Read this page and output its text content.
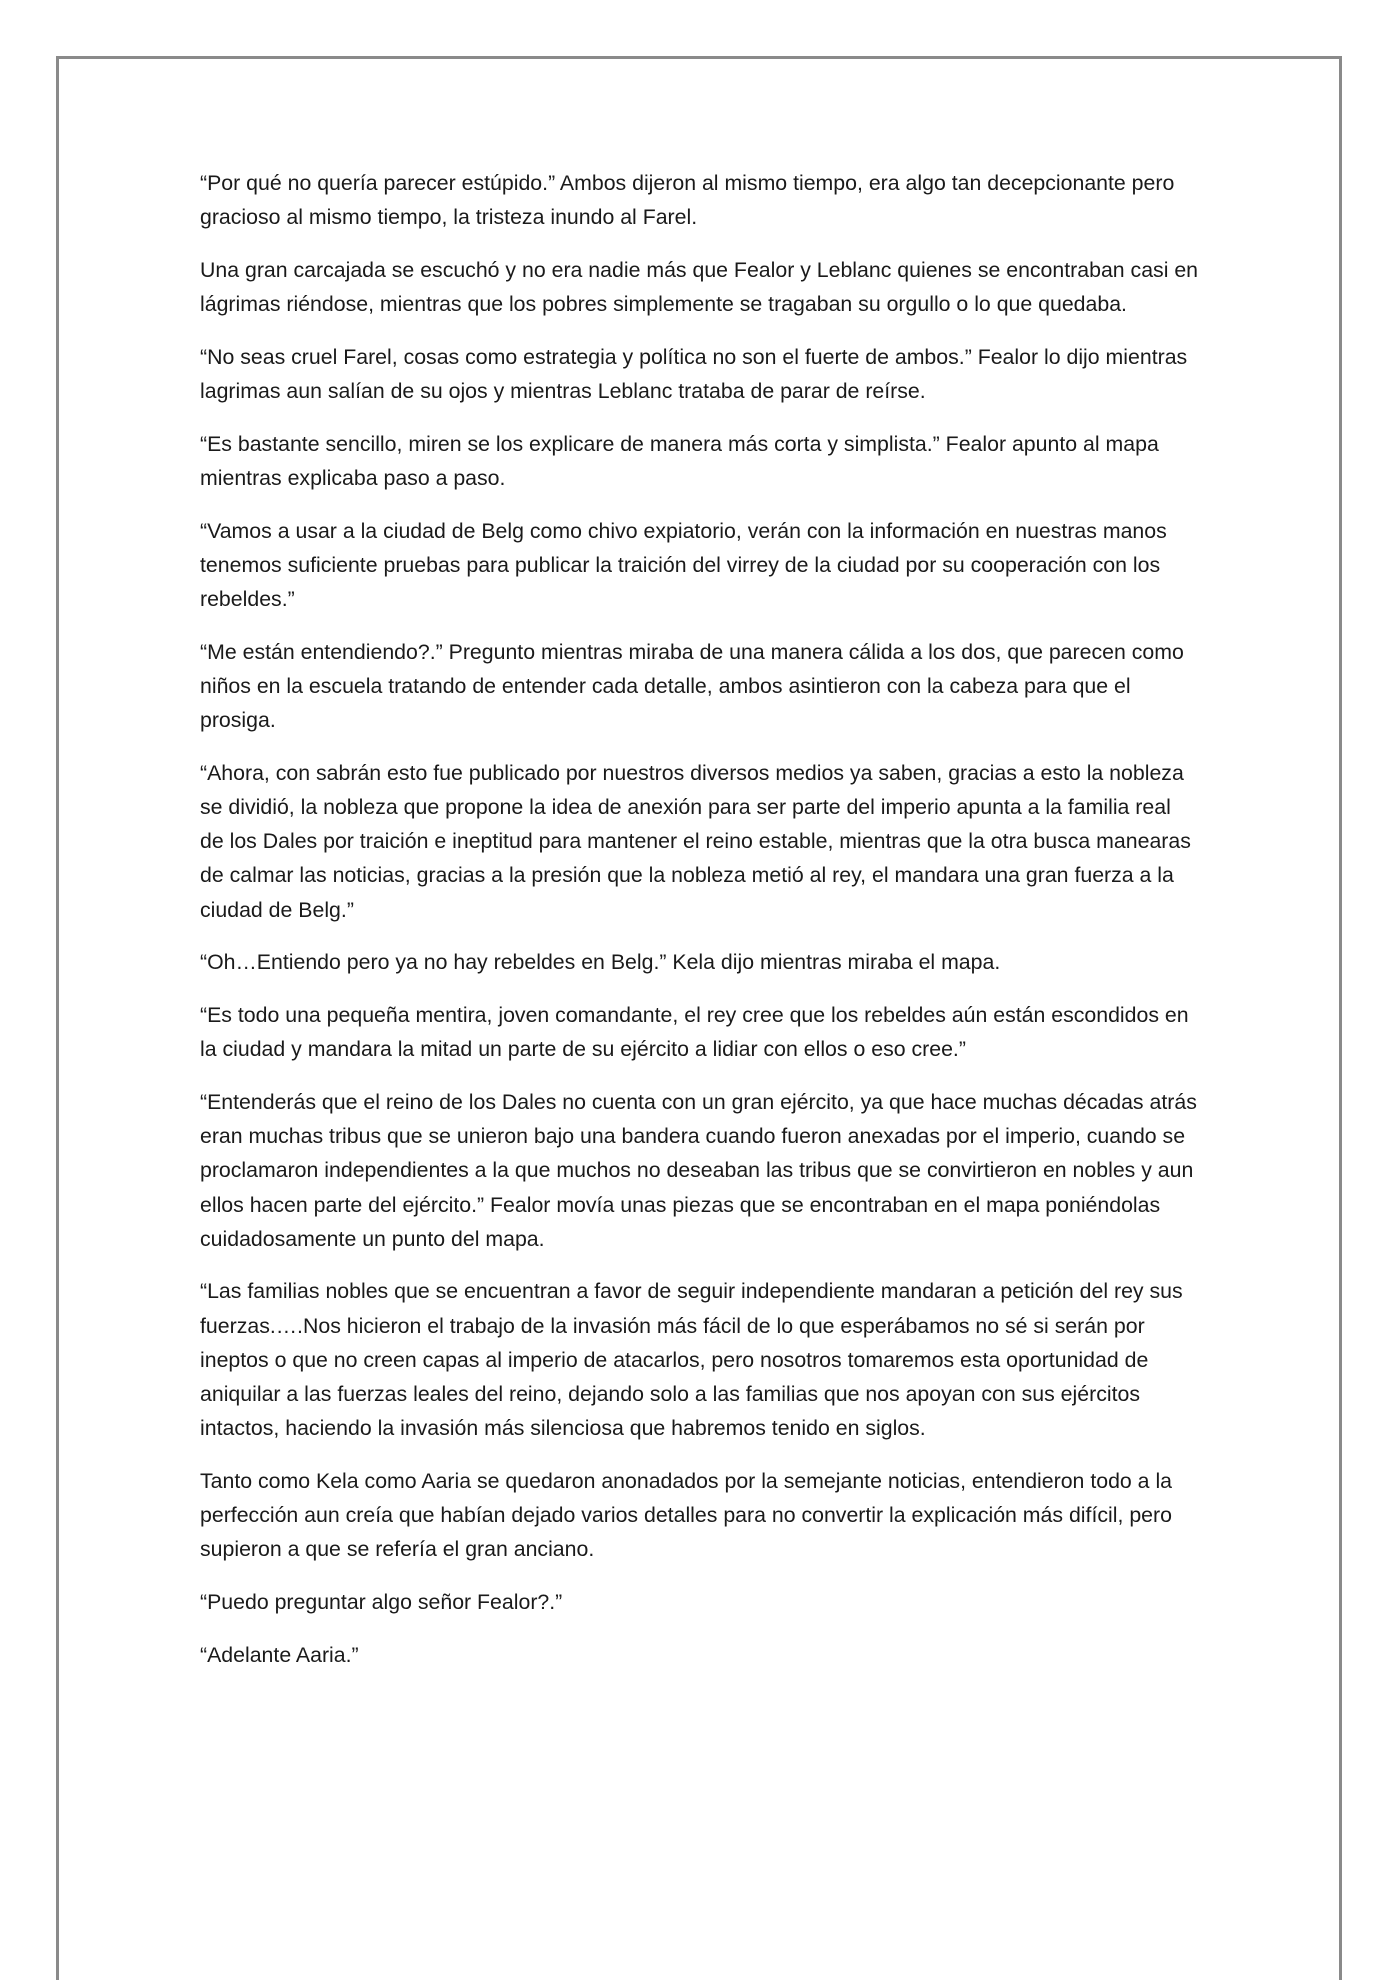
“Por qué no quería parecer estúpido.” Ambos dijeron al mismo tiempo, era algo tan decepcionante pero gracioso al mismo tiempo, la tristeza inundo al Farel.

Una gran carcajada se escuchó y no era nadie más que Fealor y Leblanc quienes se encontraban casi en lágrimas riéndose, mientras que los pobres simplemente se tragaban su orgullo o lo que quedaba.

“No seas cruel Farel, cosas como estrategia y política no son el fuerte de ambos.” Fealor lo dijo mientras lagrimas aun salían de su ojos y mientras Leblanc trataba de parar de reírse.

“Es bastante sencillo, miren se los explicare de manera más corta y simplista.” Fealor apunto al mapa mientras explicaba paso a paso.

“Vamos a usar a la ciudad de Belg como chivo expiatorio, verán con la información en nuestras manos tenemos suficiente pruebas para publicar la traición del virrey de la ciudad por su cooperación con los rebeldes.”

“Me están entendiendo?.” Pregunto mientras miraba de una manera cálida a los dos, que parecen como niños en la escuela tratando de entender cada detalle, ambos asintieron con la cabeza para que el prosiga.

“Ahora, con sabrán esto fue publicado por nuestros diversos medios ya saben, gracias a esto la nobleza se dividió, la nobleza que propone la idea de anexión para ser parte del imperio apunta a la familia real de los Dales por traición e ineptitud para mantener el reino estable, mientras que la otra busca manearas de calmar las noticias, gracias a la presión que la nobleza metió al rey, el mandara una gran fuerza a la ciudad de Belg.”

“Oh…Entiendo pero ya no hay rebeldes en Belg.” Kela dijo mientras miraba el mapa.

“Es todo una pequeña mentira, joven comandante, el rey cree que los rebeldes aún están escondidos en la ciudad y mandara la mitad un parte de su ejército a lidiar con ellos o eso cree.”

“Entenderás que el reino de los Dales no cuenta con un gran ejército, ya que hace muchas décadas atrás eran muchas tribus que se unieron bajo una bandera cuando fueron anexadas por el imperio, cuando se proclamaron independientes a la que muchos no deseaban las tribus que se convirtieron en nobles y aun ellos hacen parte del ejército.” Fealor movía unas piezas que se encontraban en el mapa poniéndolas cuidadosamente un punto del mapa.

“Las familias nobles que se encuentran a favor de seguir independiente mandaran a petición del rey sus fuerzas.….Nos hicieron el trabajo de la invasión más fácil de lo que esperábamos no sé si serán por ineptos o que no creen capas al imperio de atacarlos, pero nosotros tomaremos esta oportunidad de aniquilar a las fuerzas leales del reino, dejando solo a las familias que nos apoyan con sus ejércitos intactos, haciendo la invasión más silenciosa que habremos tenido en siglos.

Tanto como Kela como Aaria se quedaron anonadados por la semejante noticias, entendieron todo a la perfección aun creía que habían dejado varios detalles para no convertir la explicación más difícil, pero supieron a que se refería el gran anciano.

“Puedo preguntar algo señor Fealor?.”

“Adelante Aaria.”
